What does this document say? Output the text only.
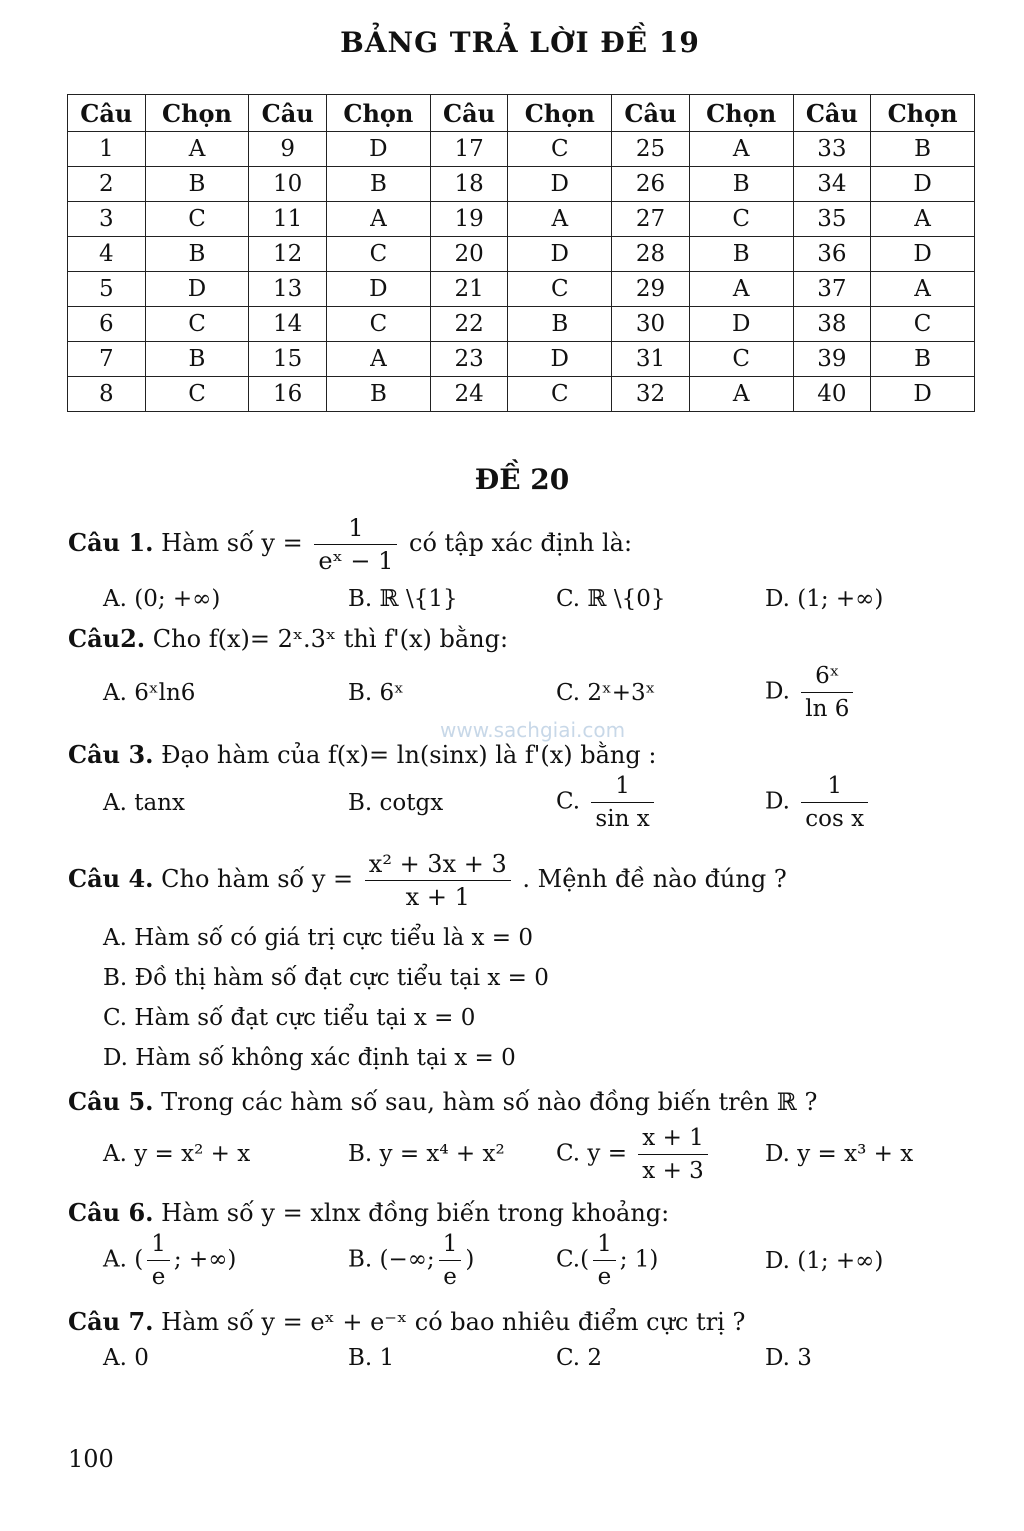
BẢNG TRẢ LỜI ĐỀ 19
Câu	Chọn	Câu	Chọn	Câu	Chọn	Câu	Chọn	Câu	Chọn
1	A	9	D	17	C	25	A	33	B
2	B	10	B	18	D	26	B	34	D
3	C	11	A	19	A	27	C	35	A
4	B	12	C	20	D	28	B	36	D
5	D	13	D	21	C	29	A	37	A
6	C	14	C	22	B	30	D	38	C
7	B	15	A	23	D	31	C	39	B
8	C	16	B	24	C	32	A	40	D
ĐỀ 20
Câu 1. Hàm số $y = \frac{1}{\text{eˣ − 1}}$ có tập xác định là:
A. (0; +∞)	B. ℝ \{1}	C. ℝ \{0}	D. (1; +∞)
Câu2. Cho f(x)= 2ˣ.3ˣ thì f'(x) bằng:
A. 6ˣln6	B. 6ˣ	C. 2ˣ+3ˣ	D. $\frac{\text{6ˣ}}{\ln 6}$
www.sachgiai.com
Câu 3. Đạo hàm của f(x)= ln(sinx) là f'(x) bằng :
A. tanx	B. cotgx	C. $\frac{1}{\text{sin x}}$	D. $\frac{1}{\text{cos x}}$
Câu 4. Cho hàm số $y = \frac{\text{x² + 3x + 3}}{x + 1}$ . Mệnh đề nào đúng ?
A. Hàm số có giá trị cực tiểu là x = 0
B. Đồ thị hàm số đạt cực tiểu tại x = 0
C. Hàm số đạt cực tiểu tại x = 0
D. Hàm số không xác định tại x = 0
Câu 5. Trong các hàm số sau, hàm số nào đồng biến trên ℝ ?
A. y = x² + x	B. y = x⁴ + x² C. $y = \frac{x + 1}{x + 3} D$. y = x³ + x
Câu 6. Hàm số y = xlnx đồng biến trong khoảng:
A. ( $\frac{1}{e}$ ; +∞)	B. (−∞; $\frac{1}{e}$ )	$C.( \frac{1}{e}$ ; 1)	D. (1; +∞)
Câu 7. Hàm số y = eˣ + e⁻ˣ có bao nhiêu điểm cực trị ?
A. 0	B. 1	C. 2	D. 3
100
